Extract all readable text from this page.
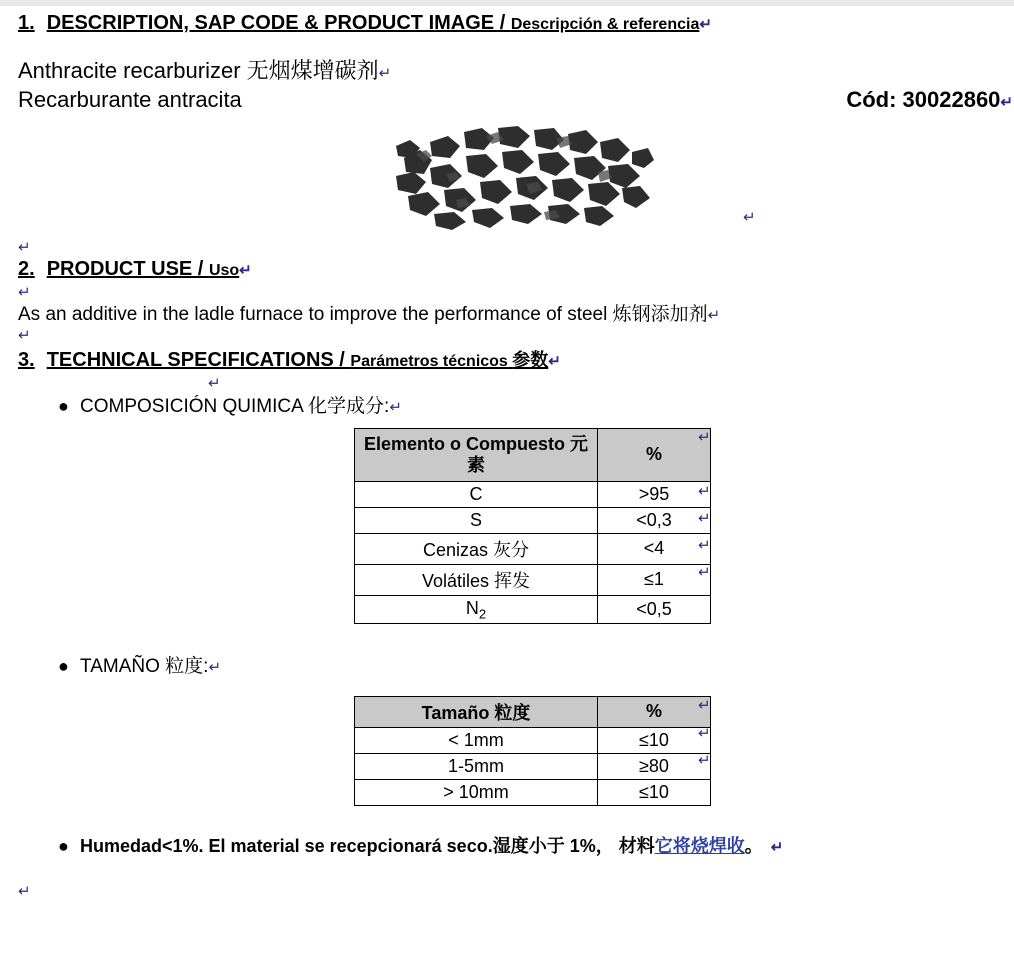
1. DESCRIPTION, SAP CODE & PRODUCT IMAGE / Descripción & referencia ↵
Anthracite recarburizer 无烟煤增碳剂↵
Recarburante antracita	Cód: 30022860↵
↵
↵
2. PRODUCT USE / Uso ↵
↵
As an additive in the ladle furnace to improve the performance of steel 炼钢添加剂↵
↵
3. TECHNICAL SPECIFICATIONS / Parámetros técnicos 参数 ↵
↵
● COMPOSICIÓN QUIMICA 化学成分: ↵
Elemento o Compuesto 元素	%
C	>95
S	<0,3
Cenizas 灰分	<4
Volátiles 挥发	≤1
$N_2$	<0,5
↵
↵
↵
↵
↵
● TAMAÑO 粒度: ↵
Tamaño 粒度	%
< 1mm	≤10
1-5mm	≥80
> 10mm	≤10
↵
↵
↵
● Humedad<1%. El material se recepcionará seco.湿度小于 1%， 材料它将烧焊收。 ↵
↵
